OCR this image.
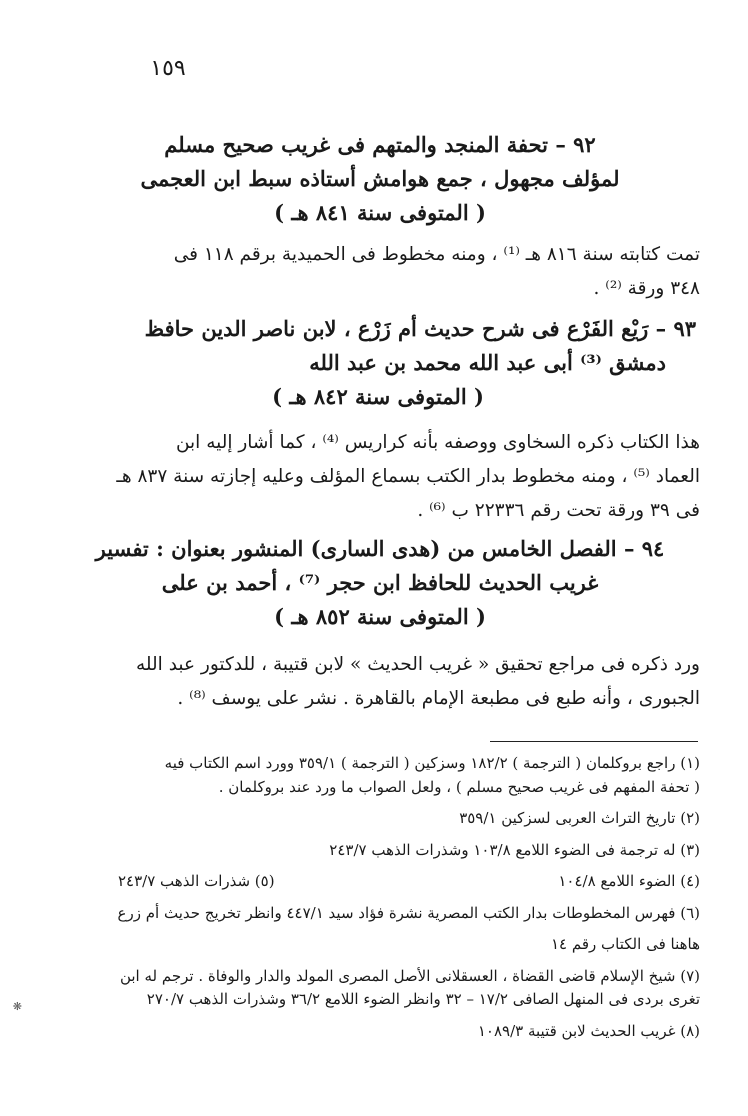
١٥٩
٩٢ – تحفة المنجد والمتهم فى غريب صحيح مسلم
لمؤلف مجهول ، جمع هوامش أستاذه سبط ابن العجمى
( المتوفى سنة ٨٤١ هـ )
تمت كتابته سنة ٨١٦ هـ ⁽¹⁾ ، ومنه مخطوط فى الحميدية برقم ١١٨ فى
٣٤٨ ورقة ⁽²⁾ .
٩٣ – رَيْع الفَرْع فى شرح حديث أم زَرْع ، لابن ناصر الدين حافظ
دمشق ⁽³⁾ أبى عبد الله محمد بن عبد الله
( المتوفى سنة ٨٤٢ هـ )
هذا الكتاب ذكره السخاوى ووصفه بأنه كراريس ⁽⁴⁾ ، كما أشار إليه ابن
العماد ⁽⁵⁾ ، ومنه مخطوط بدار الكتب بسماع المؤلف وعليه إجازته سنة ٨٣٧ هـ
فى ٣٩ ورقة تحت رقم ٢٢٣٣٦ ب ⁽⁶⁾ .
٩٤ – الفصل الخامس من (هدى السارى) المنشور بعنوان : تفسير
غريب الحديث للحافظ ابن حجر ⁽⁷⁾ ، أحمد بن على
( المتوفى سنة ٨٥٢ هـ )
ورد ذكره فى مراجع تحقيق « غريب الحديث » لابن قتيبة ، للدكتور عبد الله
الجبورى ، وأنه طبع فى مطبعة الإمام بالقاهرة . نشر على يوسف ⁽⁸⁾ .
(١) راجع بروكلمان ( الترجمة ) ١٨٢/٢ وسزكين ( الترجمة ) ٣٥٩/١ وورد اسم الكتاب فيه
( تحفة المفهم فى غريب صحيح مسلم ) ، ولعل الصواب ما ورد عند بروكلمان .
(٢) تاريخ التراث العربى لسزكين ٣٥٩/١
(٣) له ترجمة فى الضوء اللامع ١٠٣/٨ وشذرات الذهب ٢٤٣/٧
(٤) الضوء اللامع ١٠٤/٨
(٥) شذرات الذهب ٢٤٣/٧
(٦) فهرس المخطوطات بدار الكتب المصرية نشرة فؤاد سيد ٤٤٧/١ وانظر تخريج حديث أم زرع
هاهنا فى الكتاب رقم ١٤
(٧) شيخ الإسلام قاضى القضاة ، العسقلانى الأصل المصرى المولد والدار والوفاة . ترجم له ابن
تغرى بردى فى المنهل الصافى ١٧/٢ – ٣٢ وانظر الضوء اللامع ٣٦/٢ وشذرات الذهب ٢٧٠/٧
(٨) غريب الحديث لابن قتيبة ١٠٨٩/٣
❋
